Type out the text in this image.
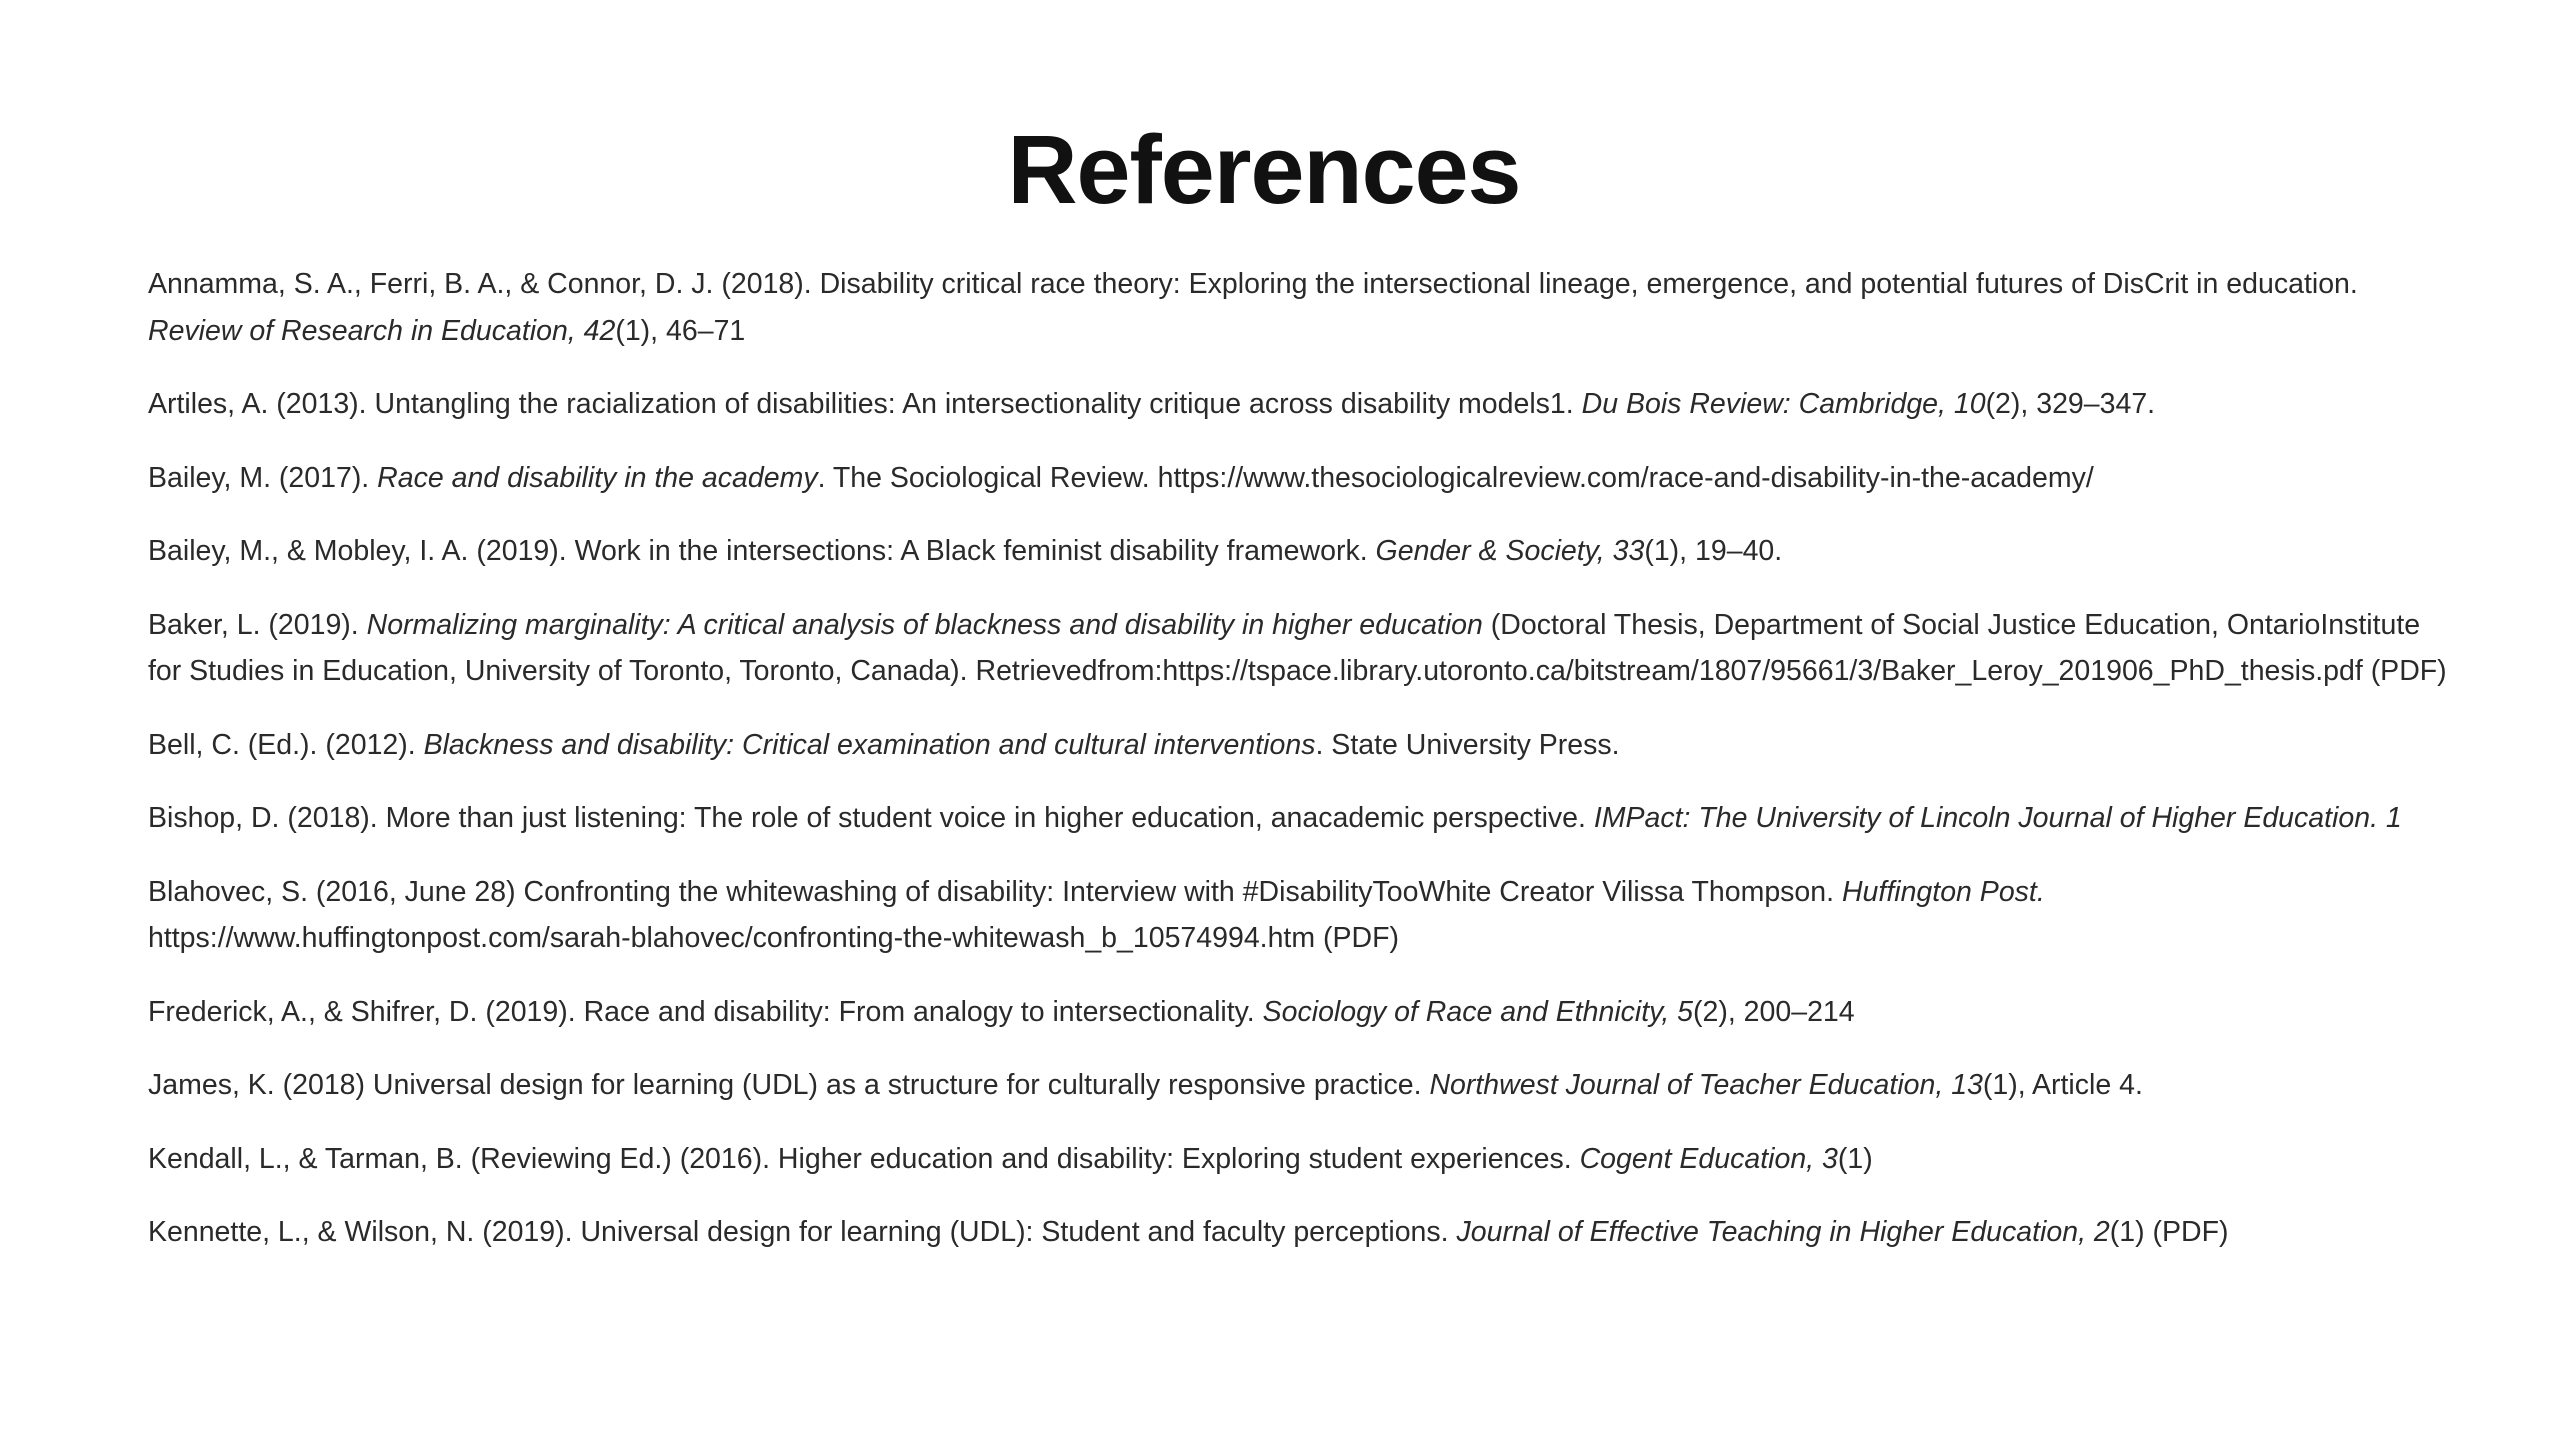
References

Annamma, S. A., Ferri, B. A., & Connor, D. J. (2018). Disability critical race theory: Exploring the intersectional lineage, emergence, and potential futures of DisCrit in education. Review of Research in Education, 42(1), 46–71

Artiles, A. (2013). Untangling the racialization of disabilities: An intersectionality critique across disability models1. Du Bois Review: Cambridge, 10(2), 329–347.

Bailey, M. (2017). Race and disability in the academy. The Sociological Review. https://www.thesociologicalreview.com/race-and-disability-in-the-academy/

Bailey, M., & Mobley, I. A. (2019). Work in the intersections: A Black feminist disability framework. Gender & Society, 33(1), 19–40.

Baker, L. (2019). Normalizing marginality: A critical analysis of blackness and disability in higher education (Doctoral Thesis, Department of Social Justice Education, OntarioInstitute for Studies in Education, University of Toronto, Toronto, Canada). Retrievedfrom:https://tspace.library.utoronto.ca/bitstream/1807/95661/3/Baker_Leroy_201906_PhD_thesis.pdf (PDF)

Bell, C. (Ed.). (2012). Blackness and disability: Critical examination and cultural interventions. State University Press.

Bishop, D. (2018). More than just listening: The role of student voice in higher education, anacademic perspective. IMPact: The University of Lincoln Journal of Higher Education. 1

Blahovec, S. (2016, June 28) Confronting the whitewashing of disability: Interview with #DisabilityTooWhite Creator Vilissa Thompson. Huffington Post. https://www.huffingtonpost.com/sarah-blahovec/confronting-the-whitewash_b_10574994.htm (PDF)

Frederick, A., & Shifrer, D. (2019). Race and disability: From analogy to intersectionality. Sociology of Race and Ethnicity, 5(2), 200–214

James, K. (2018) Universal design for learning (UDL) as a structure for culturally responsive practice. Northwest Journal of Teacher Education, 13(1), Article 4.

Kendall, L., & Tarman, B. (Reviewing Ed.) (2016). Higher education and disability: Exploring student experiences. Cogent Education, 3(1)

Kennette, L., & Wilson, N. (2019). Universal design for learning (UDL): Student and faculty perceptions. Journal of Effective Teaching in Higher Education, 2(1) (PDF)
